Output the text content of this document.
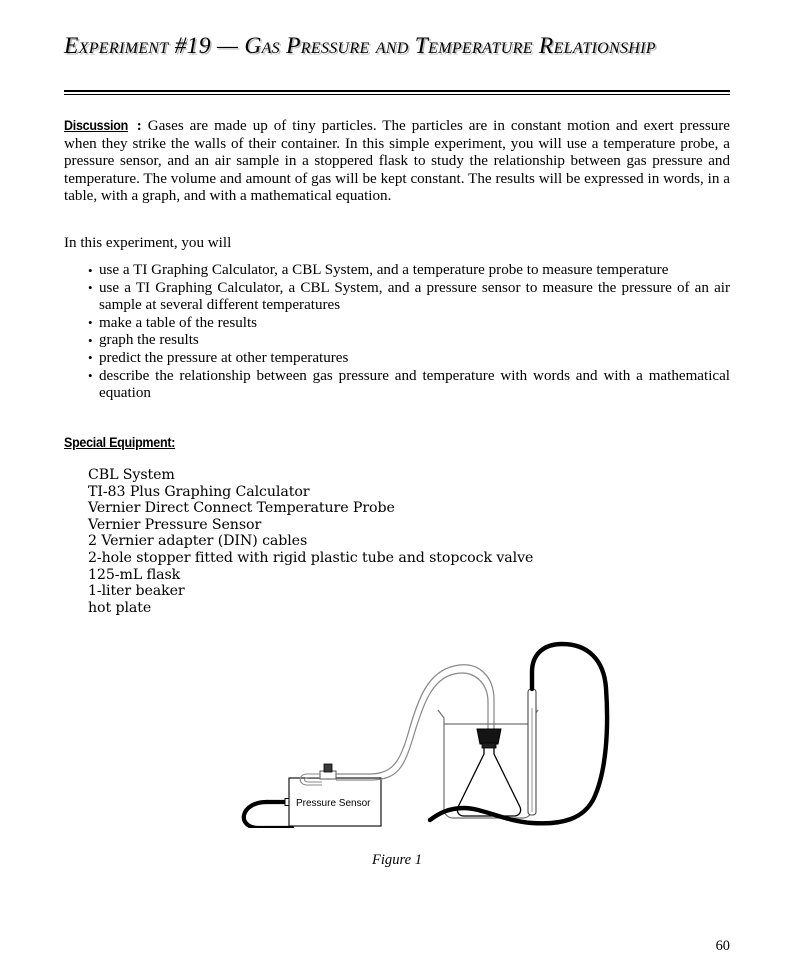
Experiment #19 — Gas Pressure and Temperature Relationship

Discussion : Gases are made up of tiny particles. The particles are in constant motion and exert pressure when they strike the walls of their container. In this simple experiment, you will use a temperature probe, a pressure sensor, and an air sample in a stoppered flask to study the relationship between gas pressure and temperature. The volume and amount of gas will be kept constant. The results will be expressed in words, in a table, with a graph, and with a mathematical equation.

In this experiment, you will

• use a TI Graphing Calculator, a CBL System, and a temperature probe to measure temperature
• use a TI Graphing Calculator, a CBL System, and a pressure sensor to measure the pressure of an air sample at several different temperatures
• make a table of the results
• graph the results
• predict the pressure at other temperatures
• describe the relationship between gas pressure and temperature with words and with a mathematical equation
Special Equipment:
CBL System
TI-83 Plus Graphing Calculator
Vernier Direct Connect Temperature Probe
Vernier Pressure Sensor
2 Vernier adapter (DIN) cables
2-hole stopper fitted with rigid plastic tube and stopcock valve
125-mL flask
1-liter beaker
hot plate
Pressure Sensor
Figure 1
60
